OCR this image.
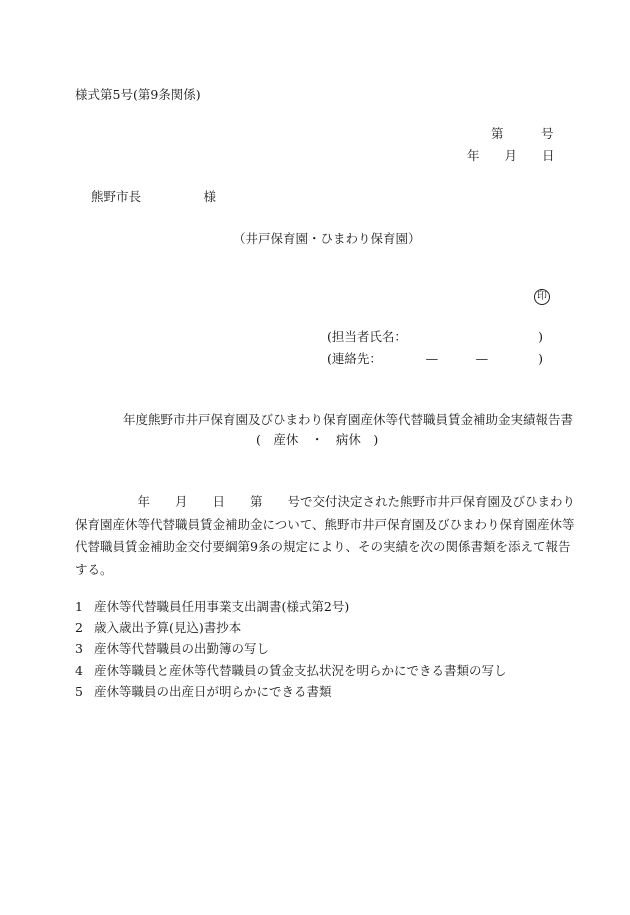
様式第5号(第9条関係)
第　　　号
年　　月　　日
熊野市長　　　　　様
（井戸保育園・ひまわり保育園）
印
(担当者氏名：　　　　　　　　　　　)
(連絡先：　　　　—　　　—　　　　)
年度熊野市井戸保育園及びひまわり保育園産休等代替職員賃金補助金実績報告書
(　産休　・　病休　)
　　　　　年　　月　　日　　第　　号で交付決定された熊野市井戸保育園及びひまわり
保育園産休等代替職員賃金補助金について、熊野市井戸保育園及びひまわり保育園産休等
代替職員賃金補助金交付要綱第9条の規定により、その実績を次の関係書類を添えて報告
する。
1 産休等代替職員任用事業支出調書(様式第2号)
2 歳入歳出予算(見込)書抄本
3 産休等代替職員の出勤簿の写し
4 産休等職員と産休等代替職員の賃金支払状況を明らかにできる書類の写し
5 産休等職員の出産日が明らかにできる書類
